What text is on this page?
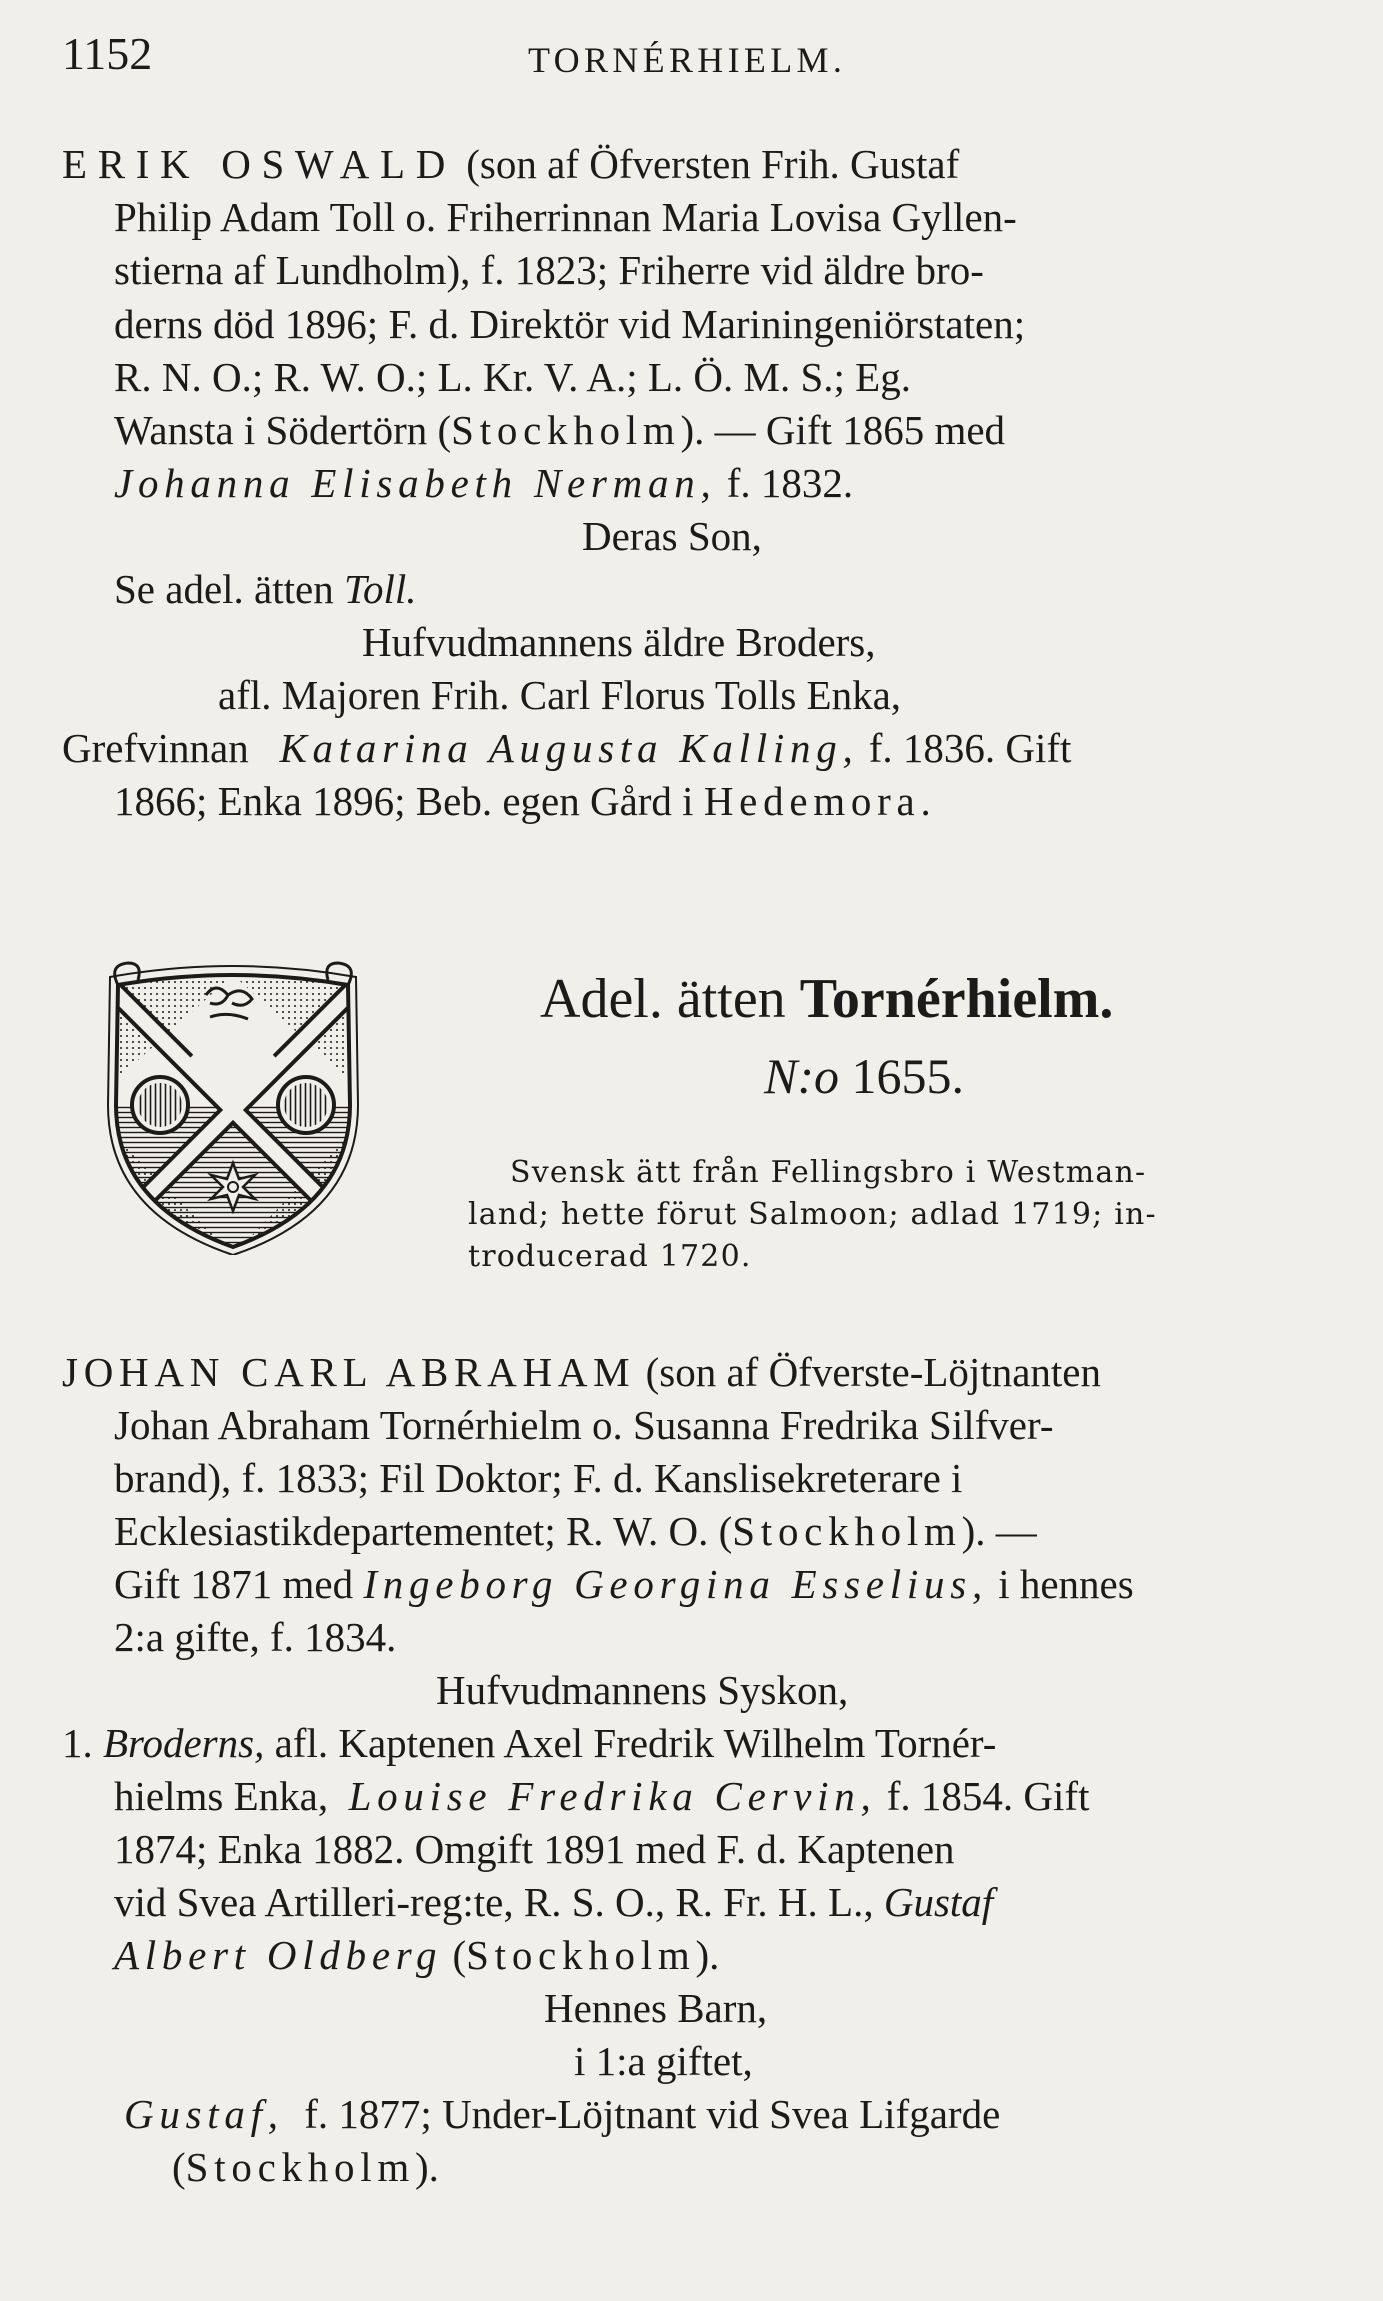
1152	TORNÉRHIELM.
ERIK OSWALD (son af Öfversten Frih. Gustaf
Philip Adam Toll o. Friherrinnan Maria Lovisa Gyllen-
stierna af Lundholm), f. 1823; Friherre vid äldre bro-
derns död 1896; F. d. Direktör vid Mariningeniörstaten;
R. N. O.; R. W. O.; L. Kr. V. A.; L. Ö. M. S.; Eg.
Wansta i Södertörn (Stockholm). — Gift 1865 med
Johanna Elisabeth Nerman, f. 1832.
Deras Son,
Se adel. ätten Toll.
Hufvudmannens äldre Broders,
afl. Majoren Frih. Carl Florus Tolls Enka,
Grefvinnan Katarina Augusta Kalling, f. 1836. Gift
1866; Enka 1896; Beb. egen Gård i Hedemora.
Adel. ätten Tornérhielm.
N:o 1655.
Svensk ätt från Fellingsbro i Westman-
land; hette förut Salmoon; adlad 1719; in-
troducerad 1720.
JOHAN CARL ABRAHAM (son af Öfverste-Löjtnanten
Johan Abraham Tornérhielm o. Susanna Fredrika Silfver-
brand), f. 1833; Fil Doktor; F. d. Kanslisekreterare i
Ecklesiastikdepartementet; R. W. O. (Stockholm). —
Gift 1871 med Ingeborg Georgina Esselius, i hennes
2:a gifte, f. 1834.
Hufvudmannens Syskon,
1. Broderns, afl. Kaptenen Axel Fredrik Wilhelm Tornér-
hielms Enka, Louise Fredrika Cervin, f. 1854. Gift
1874; Enka 1882. Omgift 1891 med F. d. Kaptenen
vid Svea Artilleri-reg:te, R. S. O., R. Fr. H. L., Gustaf
Albert Oldberg (Stockholm).
Hennes Barn,
i 1:a giftet,
Gustaf, f. 1877; Under-Löjtnant vid Svea Lifgarde
(Stockholm).
